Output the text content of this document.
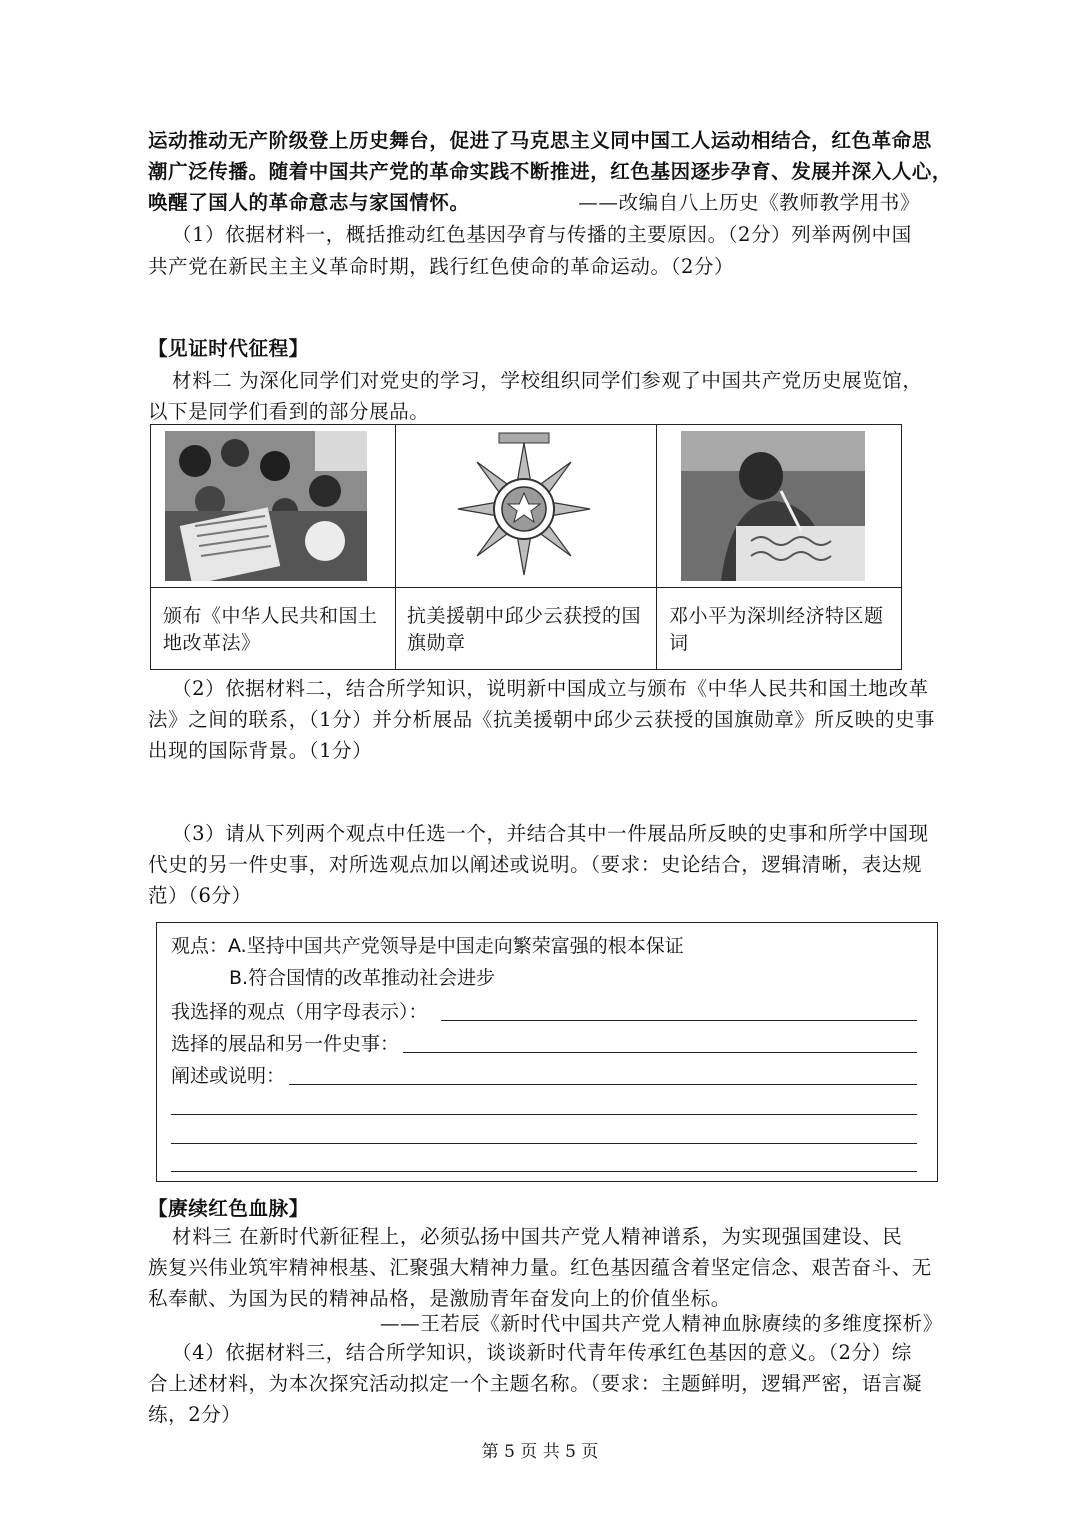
运动推动无产阶级登上历史舞台，促进了马克思主义同中国工人运动相结合，红色革命思
潮广泛传播。随着中国共产党的革命实践不断推进，红色基因逐步孕育、发展并深入人心，
唤醒了国人的革命意志与家国情怀。	——改编自八上历史《教师教学用书》
（1）依据材料一，概括推动红色基因孕育与传播的主要原因。（2分）列举两例中国
共产党在新民主主义革命时期，践行红色使命的革命运动。（2分）
【见证时代征程】
材料二 为深化同学们对党史的学习，学校组织同学们参观了中国共产党历史展览馆，
以下是同学们看到的部分展品。
颁布《中华人民共和国土地改革法》
抗美援朝中邱少云获授的国旗勋章
邓小平为深圳经济特区题词
（2）依据材料二，结合所学知识，说明新中国成立与颁布《中华人民共和国土地改革
法》之间的联系，（1分）并分析展品《抗美援朝中邱少云获授的国旗勋章》所反映的史事
出现的国际背景。（1分）
（3）请从下列两个观点中任选一个，并结合其中一件展品所反映的史事和所学中国现
代史的另一件史事，对所选观点加以阐述或说明。（要求：史论结合，逻辑清晰，表达规
范）（6分）
观点：A.坚持中国共产党领导是中国走向繁荣富强的根本保证
B.符合国情的改革推动社会进步
我选择的观点（用字母表示）：
选择的展品和另一件史事：
阐述或说明：
【赓续红色血脉】
材料三 在新时代新征程上，必须弘扬中国共产党人精神谱系，为实现强国建设、民
族复兴伟业筑牢精神根基、汇聚强大精神力量。红色基因蕴含着坚定信念、艰苦奋斗、无
私奉献、为国为民的精神品格，是激励青年奋发向上的价值坐标。
——王若辰《新时代中国共产党人精神血脉赓续的多维度探析》
（4）依据材料三，结合所学知识，谈谈新时代青年传承红色基因的意义。（2分）综
合上述材料，为本次探究活动拟定一个主题名称。（要求：主题鲜明，逻辑严密，语言凝
练，2分）
第 5 页 共 5 页
